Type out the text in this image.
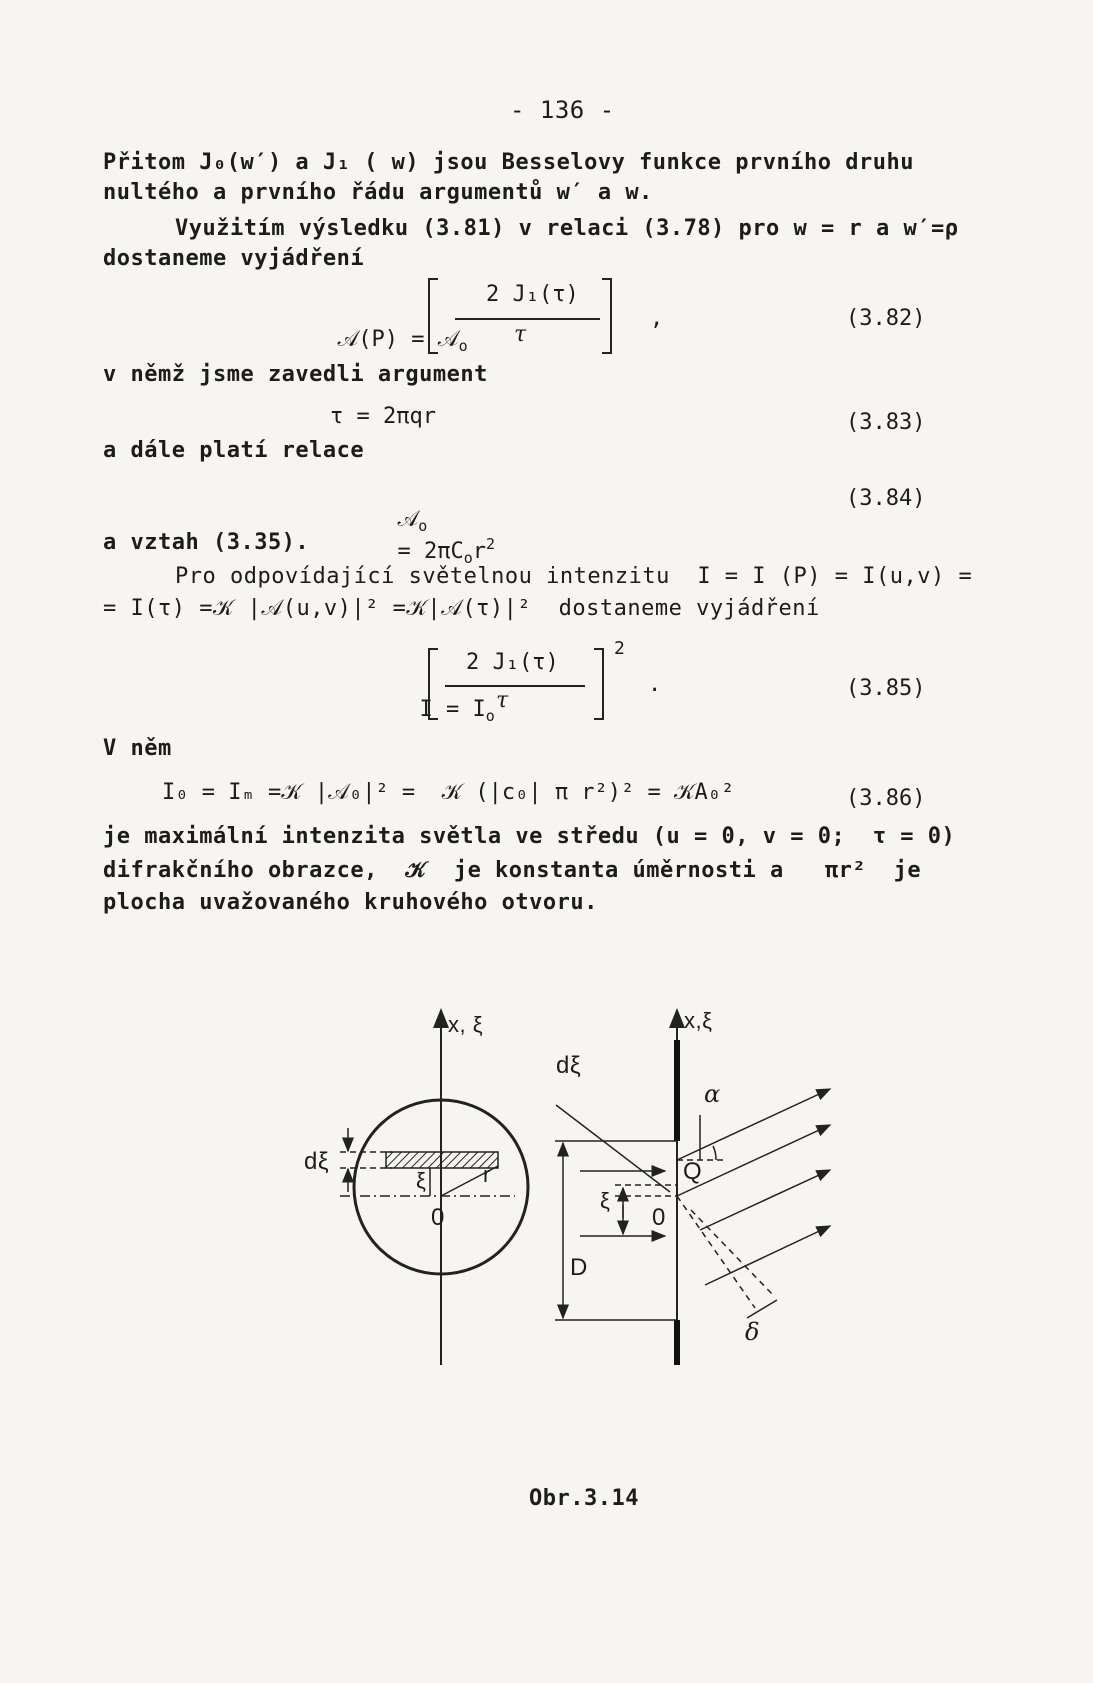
- 136 -
Přitom J₀(w′) a J₁ ( w) jsou Besselovy funkce prvního druhu
nultého a prvního řádu argumentů w′ a w.
Využitím výsledku (3.81) v relaci (3.78) pro w = r a w′=ρ
dostaneme vyjádření

𝒜(P) = 𝒜$_o$

2 J₁(τ)
τ
,	(3.82)
v němž jsme zavedli argument
τ = 2πqr	(3.83)
a dále platí relace

𝒜$_o$
= $2\pi C_or^2$

(3.84)
a vztah (3.35).
Pro odpovídající světelnou intenzitu  I = I (P) = I(u,v) =
= I(τ) =𝒦 |𝒜(u,v)|² =𝒦|𝒜(τ)|²  dostaneme vyjádření

$I = I_o$

2 J₁(τ)
τ
2
.	(3.85)
V něm
I₀ = Iₘ =𝒦 |𝒜₀|² =  𝒦 (|c₀| π r²)² = 𝒦A₀²	(3.86)
je maximální intenzita světla ve středu (u = 0, v = 0;  τ = 0)
difrakčního obrazce,  𝒦  je konstanta úměrnosti a   πr²  je
plocha uvažovaného kruhového otvoru.
x, ξ	x,ξ
dξ
dξ
ξ	r
0	0
ξ
Q
D
α
δ
Obr.3.14
